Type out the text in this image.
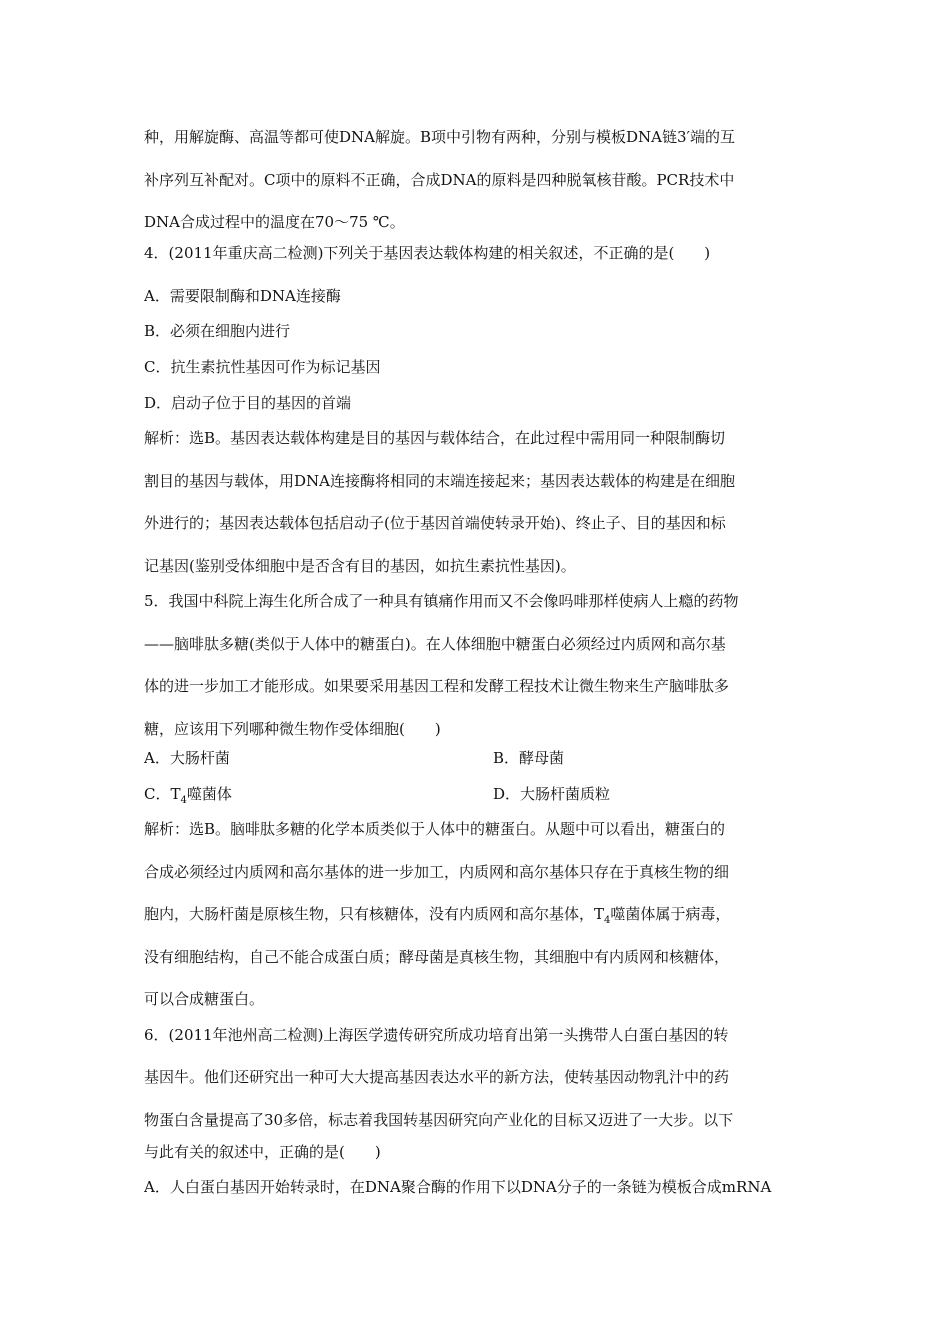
种，用解旋酶、高温等都可使DNA解旋。B项中引物有两种，分别与模板DNA链3′端的互
补序列互补配对。C项中的原料不正确，合成DNA的原料是四种脱氧核苷酸。PCR技术中
DNA合成过程中的温度在70～75 ℃。
4．(2011年重庆高二检测)下列关于基因表达载体构建的相关叙述，不正确的是(　　)
A．需要限制酶和DNA连接酶
B．必须在细胞内进行
C．抗生素抗性基因可作为标记基因
D．启动子位于目的基因的首端
解析：选B。基因表达载体构建是目的基因与载体结合，在此过程中需用同一种限制酶切
割目的基因与载体，用DNA连接酶将相同的末端连接起来；基因表达载体的构建是在细胞
外进行的；基因表达载体包括启动子(位于基因首端使转录开始)、终止子、目的基因和标
记基因(鉴别受体细胞中是否含有目的基因，如抗生素抗性基因)。
5．我国中科院上海生化所合成了一种具有镇痛作用而又不会像吗啡那样使病人上瘾的药物
——脑啡肽多糖(类似于人体中的糖蛋白)。在人体细胞中糖蛋白必须经过内质网和高尔基
体的进一步加工才能形成。如果要采用基因工程和发酵工程技术让微生物来生产脑啡肽多
糖，应该用下列哪种微生物作受体细胞(　　)
A．大肠杆菌	B．酵母菌
C．$T_4$噬菌体	D．大肠杆菌质粒
解析：选B。脑啡肽多糖的化学本质类似于人体中的糖蛋白。从题中可以看出，糖蛋白的
合成必须经过内质网和高尔基体的进一步加工，内质网和高尔基体只存在于真核生物的细
胞内，大肠杆菌是原核生物，只有核糖体，没有内质网和高尔基体，$T_4$噬菌体属于病毒，
没有细胞结构，自己不能合成蛋白质；酵母菌是真核生物，其细胞中有内质网和核糖体，
可以合成糖蛋白。
6．(2011年池州高二检测)上海医学遗传研究所成功培育出第一头携带人白蛋白基因的转
基因牛。他们还研究出一种可大大提高基因表达水平的新方法，使转基因动物乳汁中的药
物蛋白含量提高了30多倍，标志着我国转基因研究向产业化的目标又迈进了一大步。以下
与此有关的叙述中，正确的是(　　)
A．人白蛋白基因开始转录时，在DNA聚合酶的作用下以DNA分子的一条链为模板合成mRNA
